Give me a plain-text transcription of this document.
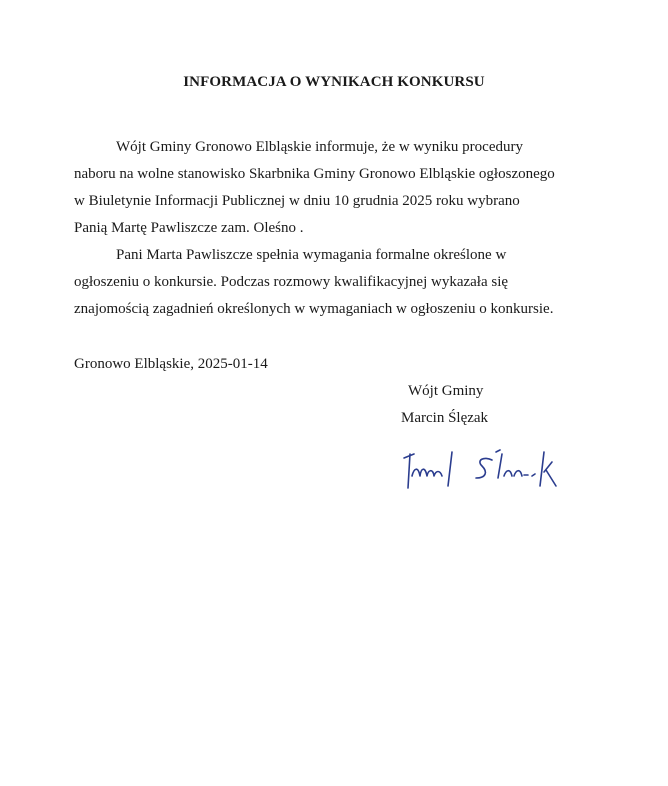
INFORMACJA O WYNIKACH KONKURSU
Wójt Gminy Gronowo Elbląskie informuje, że w wyniku procedury
naboru na wolne stanowisko Skarbnika Gminy Gronowo Elbląskie ogłoszonego
w Biuletynie Informacji Publicznej w dniu 10 grudnia 2025 roku wybrano
Panią Martę Pawliszcze zam. Oleśno .
Pani Marta Pawliszcze spełnia wymagania formalne określone w
ogłoszeniu o konkursie. Podczas rozmowy kwalifikacyjnej wykazała się
znajomością zagadnień określonych w wymaganiach w ogłoszeniu o konkursie.
Gronowo Elbląskie, 2025-01-14
Wójt Gminy
Marcin Ślęzak
